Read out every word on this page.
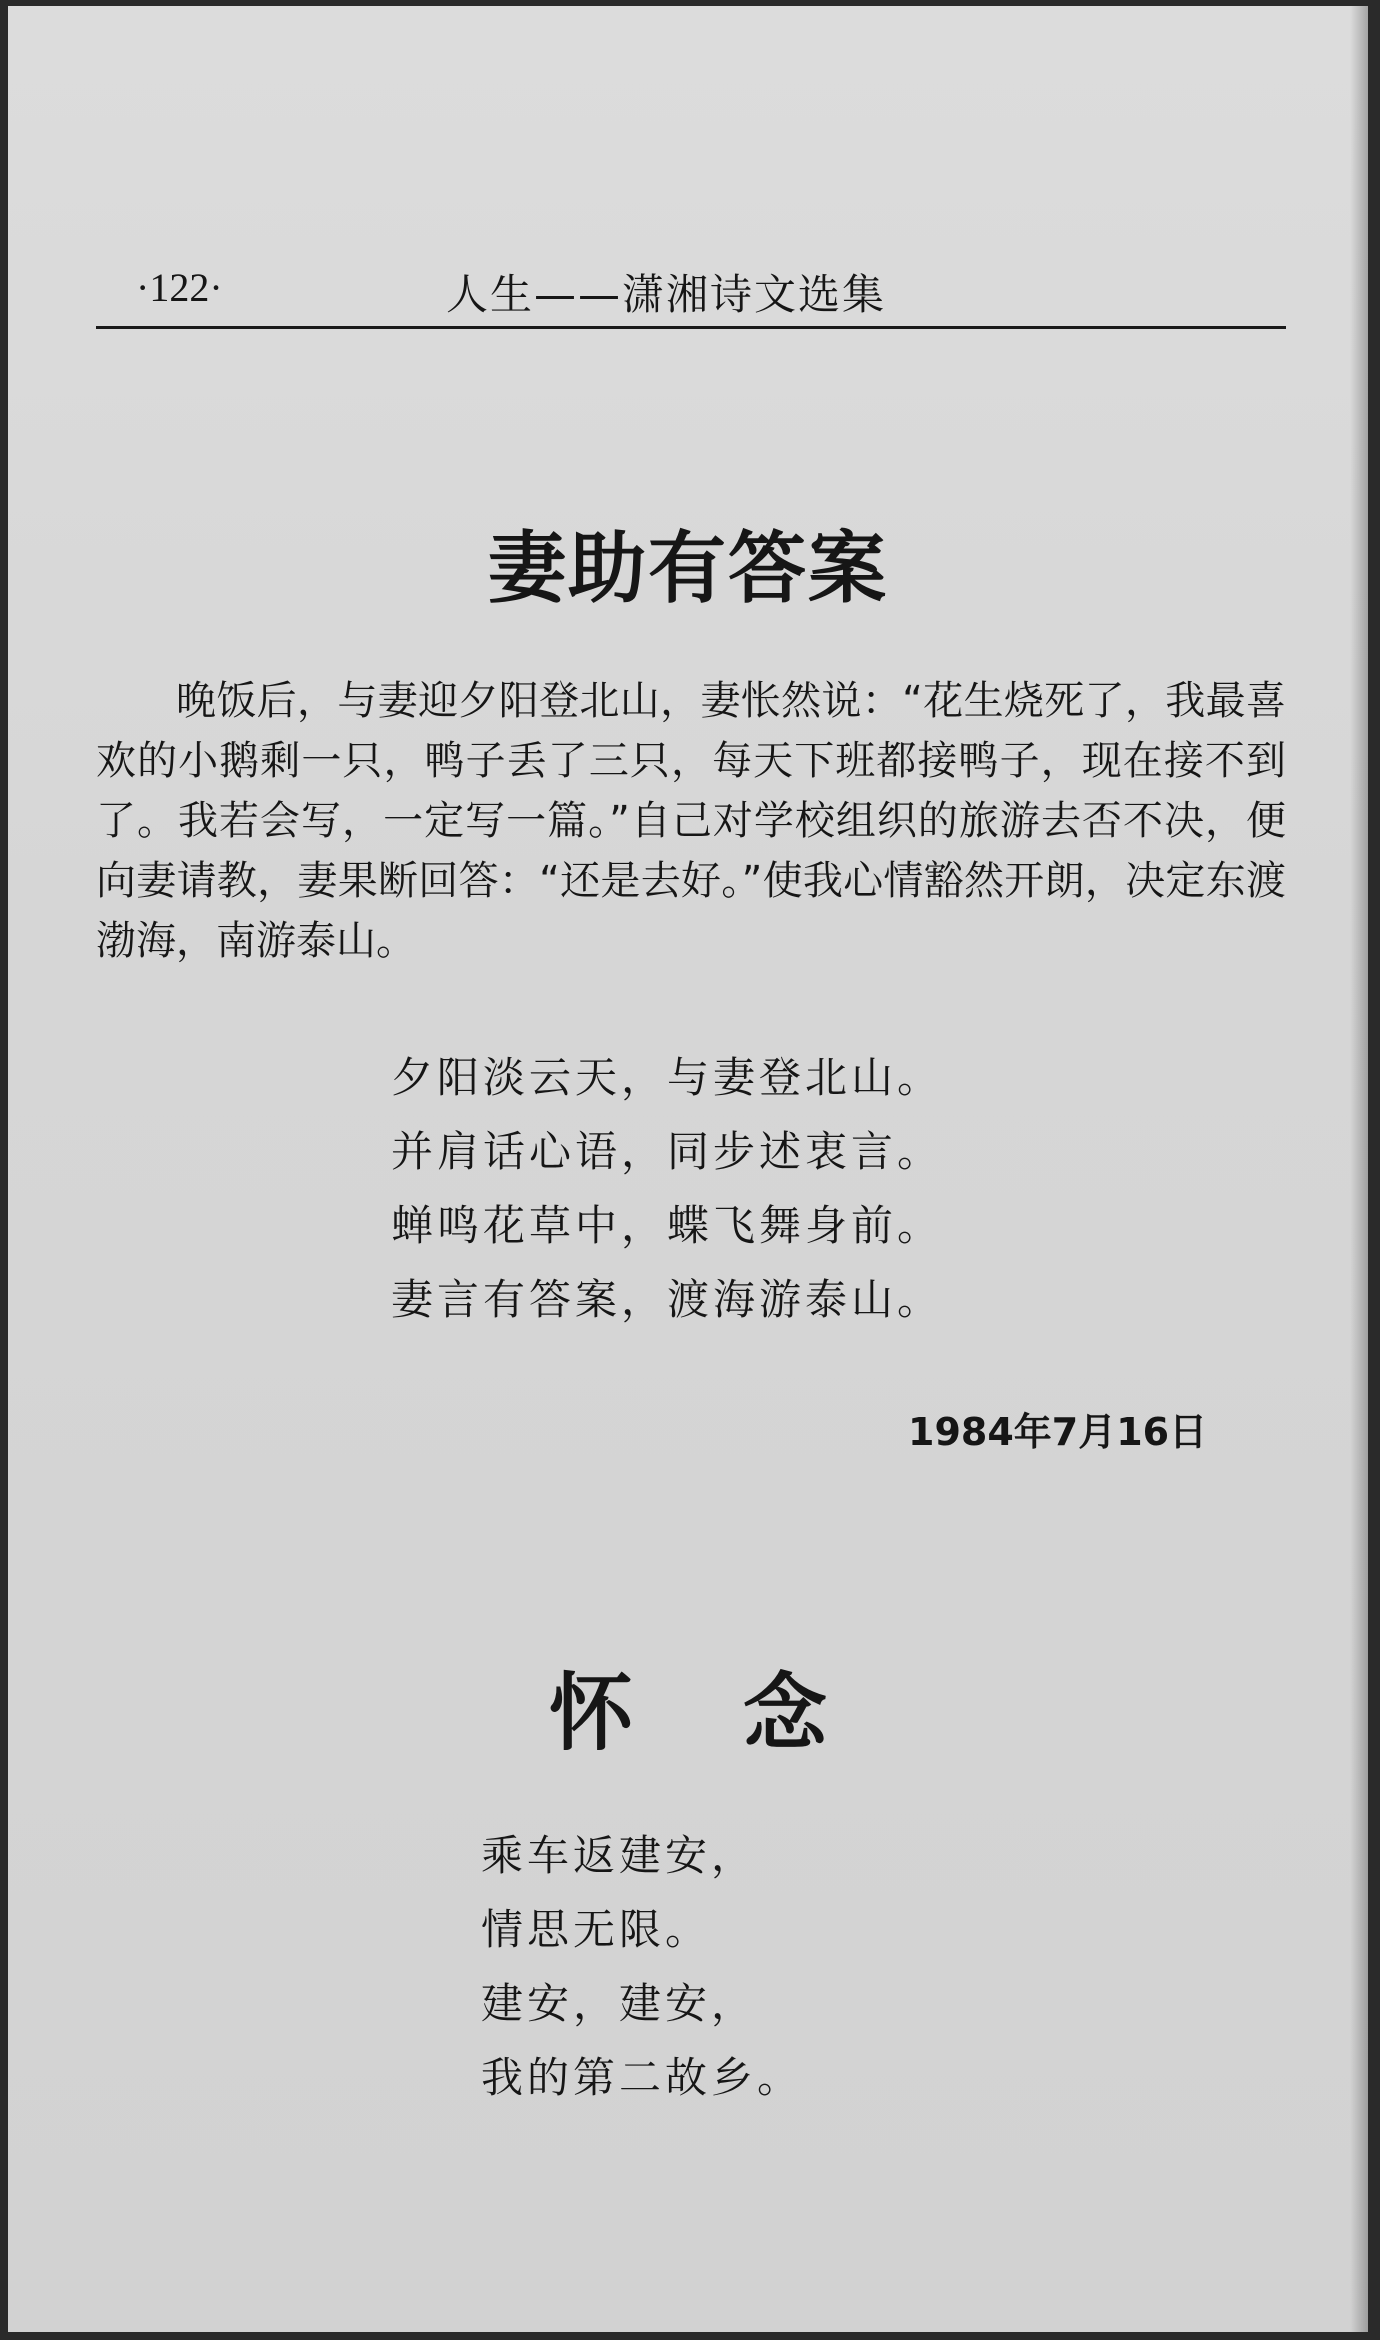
·122·	人生——潇湘诗文选集
妻助有答案

晚饭后，与妻迎夕阳登北山，妻怅然说：“花生烧死了，我最喜欢的小鹅剩一只，鸭子丢了三只，每天下班都接鸭子，现在接不到了。我若会写，一定写一篇。”自己对学校组织的旅游去否不决，便向妻请教，妻果断回答：“还是去好。”使我心情豁然开朗，决定东渡渤海，南游泰山。

夕阳淡云天，与妻登北山。
并肩话心语，同步述衷言。
蝉鸣花草中，蝶飞舞身前。
妻言有答案，渡海游泰山。
1984年7月16日
怀念
乘车返建安，
情思无限。
建安，建安，
我的第二故乡。
